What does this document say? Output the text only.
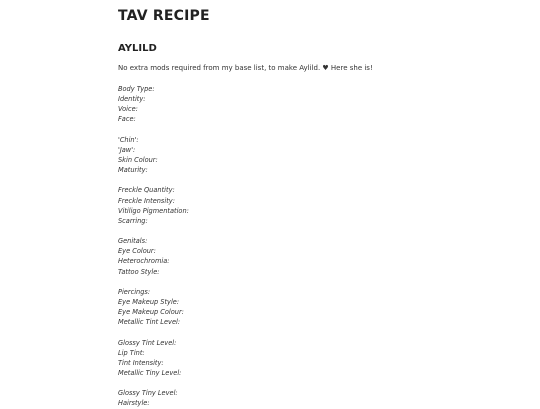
TAV RECIPE
AYLILD
No extra mods required from my base list, to make Aylild. ♥ Here she is!
Body Type:
Identity:
Voice:
Face:
'Chin':
'Jaw':
Skin Colour:
Maturity:
Freckle Quantity:
Freckle Intensity:
Vitiligo Pigmentation:
Scarring:
Genitals:
Eye Colour:
Heterochromia:
Tattoo Style:
Piercings:
Eye Makeup Style:
Eye Makeup Colour:
Metallic Tint Level:
Glossy Tint Level:
Lip Tint:
Tint Intensity:
Metallic Tiny Level:
Glossy Tiny Level:
Hairstyle:
